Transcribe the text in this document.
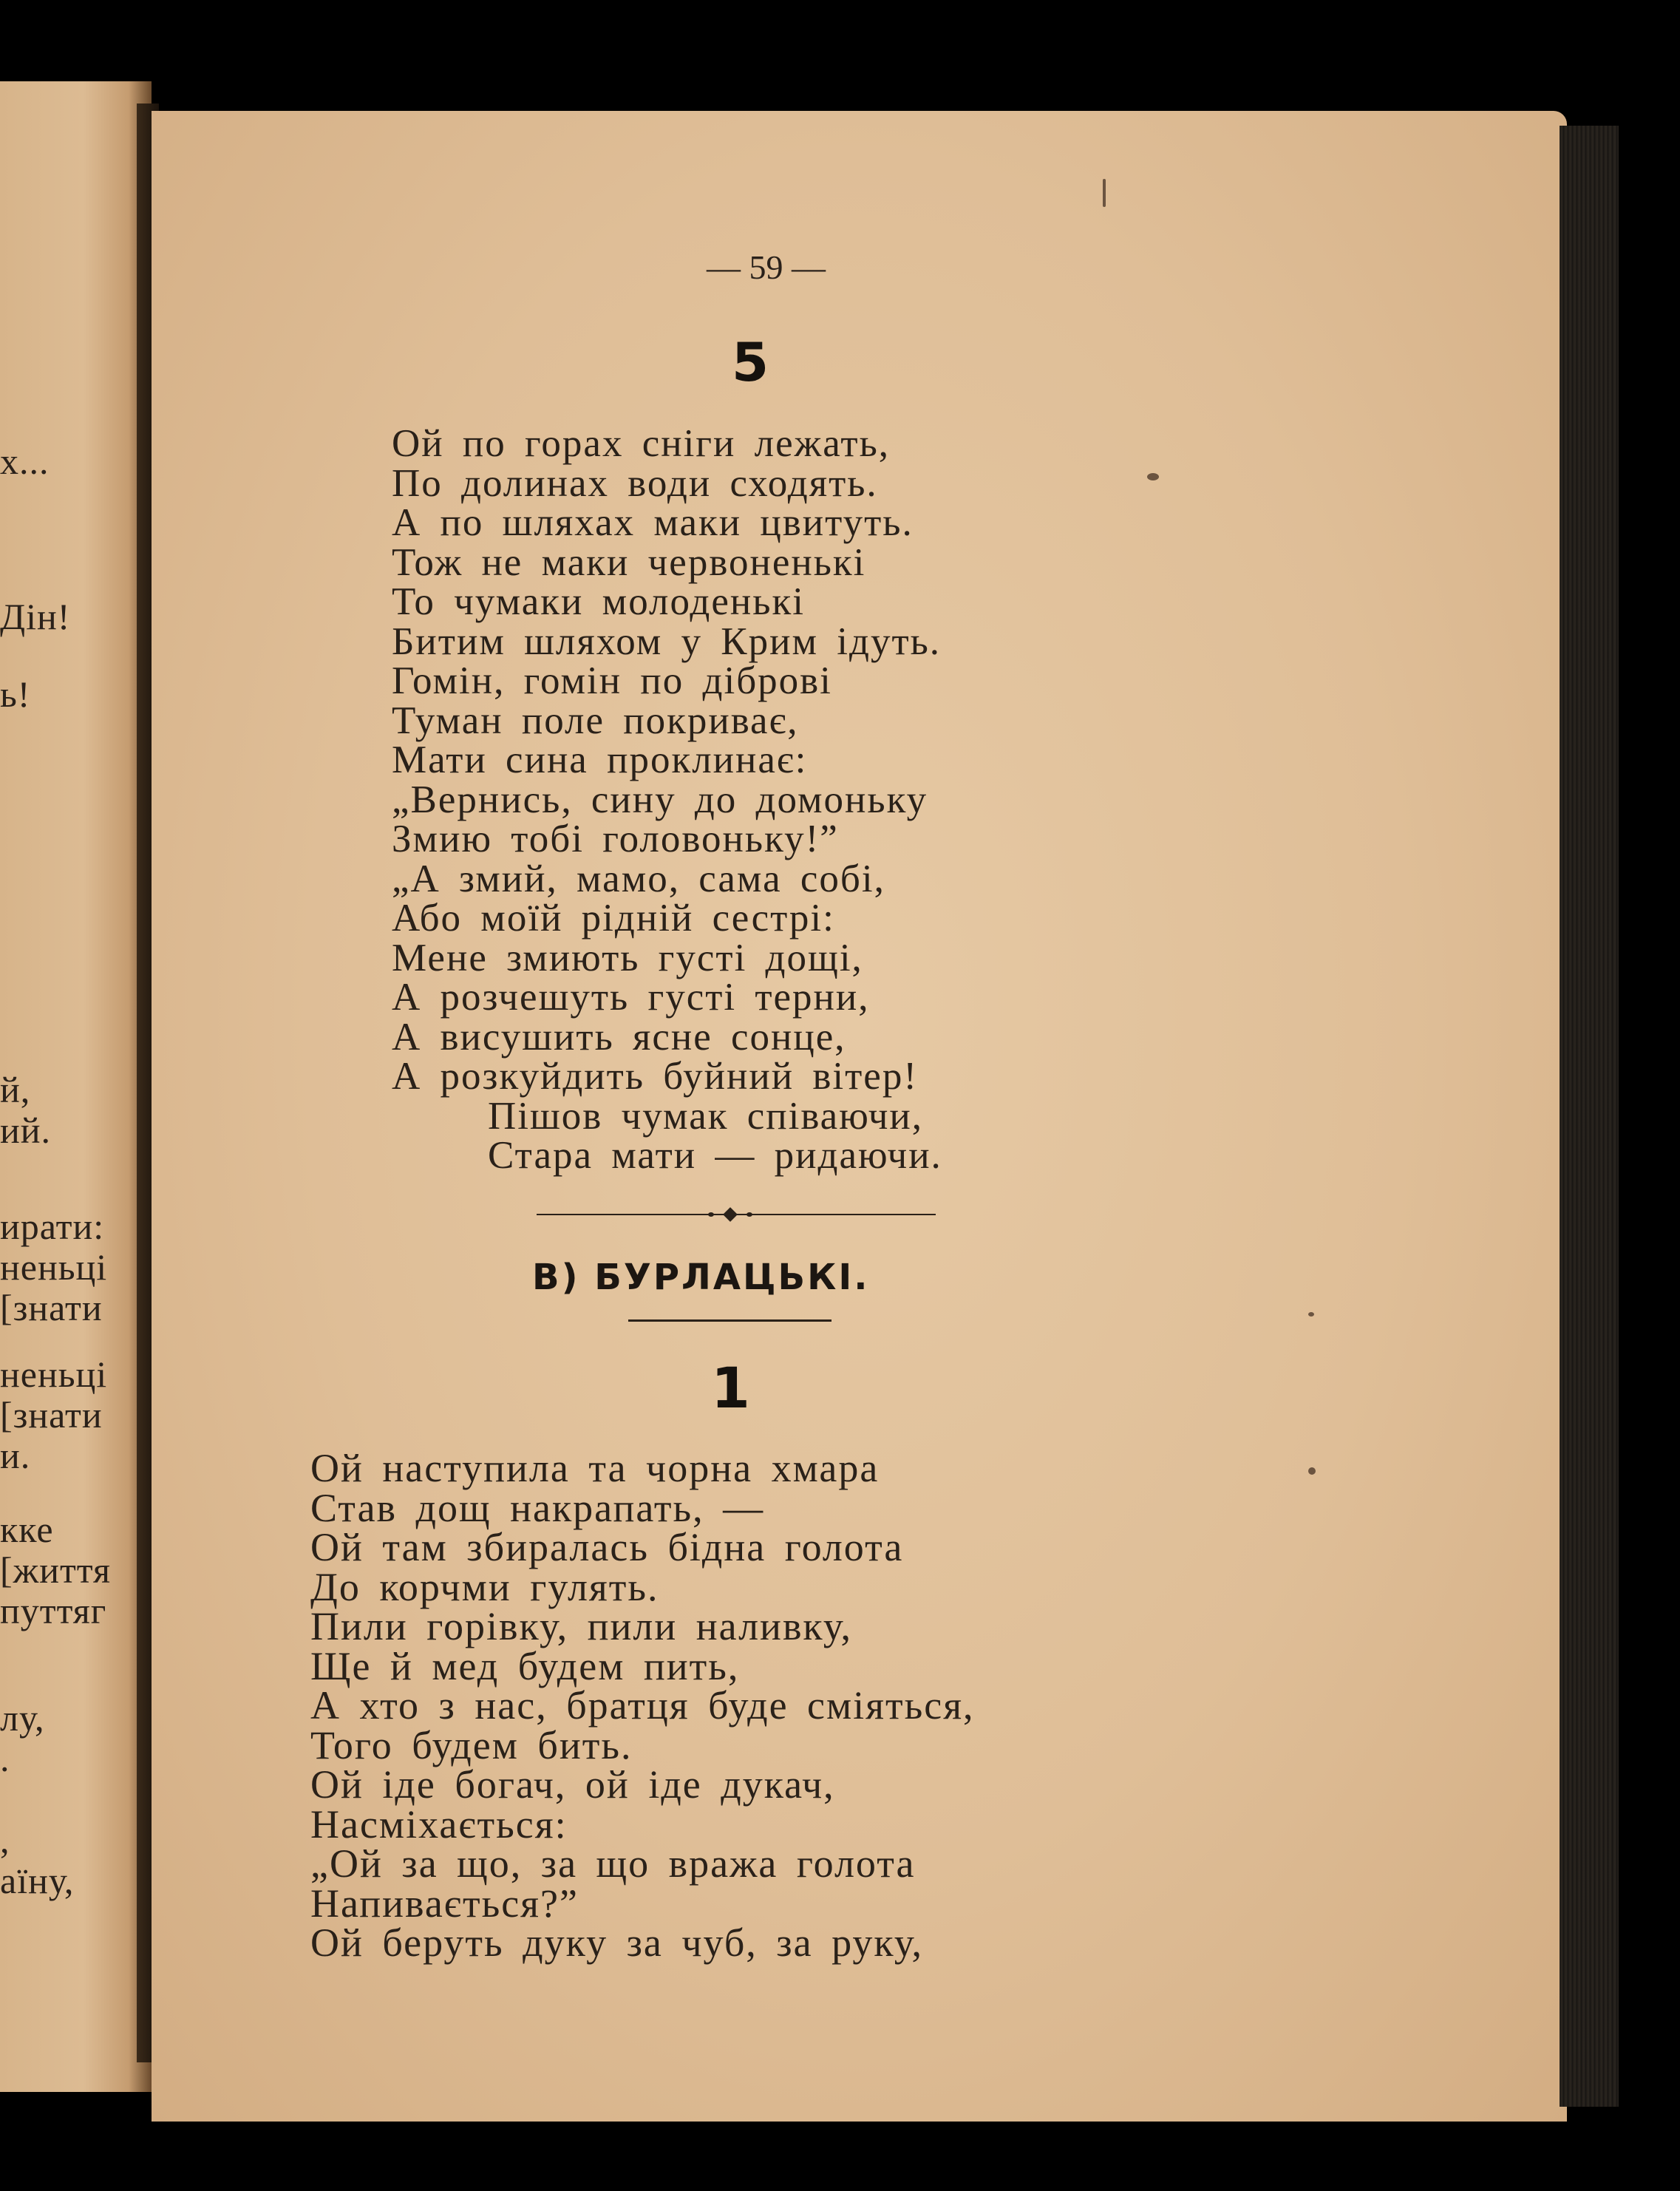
х...
Дін!
ь!
й,
ий.
ирати:
неньці
[знати
неньці
[знати
и.
кке
[життя
путтяг
лу,
.
,
аїну,
— 59 —
5
Ой по горах сніги лежать,
По долинах води сходять.
А по шляхах маки цвитуть.
Тож не маки червоненькі
То чумаки молоденькі
Битим шляхом у Крим ідуть.
Гомін, гомін по діброві
Туман поле покриває,
Мати сина проклинає:
„Вернись, сину до домоньку
Змию тобі головоньку!”
„А змий, мамо, сама собі,
Або моїй рідній сестрі:
Мене змиють густі дощі,
А розчешуть густі терни,
А висушить ясне сонце,
А розкуйдить буйний вітер!
Пішов чумак співаючи,
Стара мати — ридаючи.
В) БУРЛАЦЬКІ.
1
Ой наступила та чорна хмара
Став дощ накрапать, —
Ой там збиралась бідна голота
До корчми гулять.
Пили горівку, пили наливку,
Ще й мед будем пить,
А хто з нас, братця буде сміяться,
Того будем бить.
Ой іде богач, ой іде дукач,
Насміхається:
„Ой за що, за що вража голота
Напивається?”
Ой беруть дуку за чуб, за руку,
